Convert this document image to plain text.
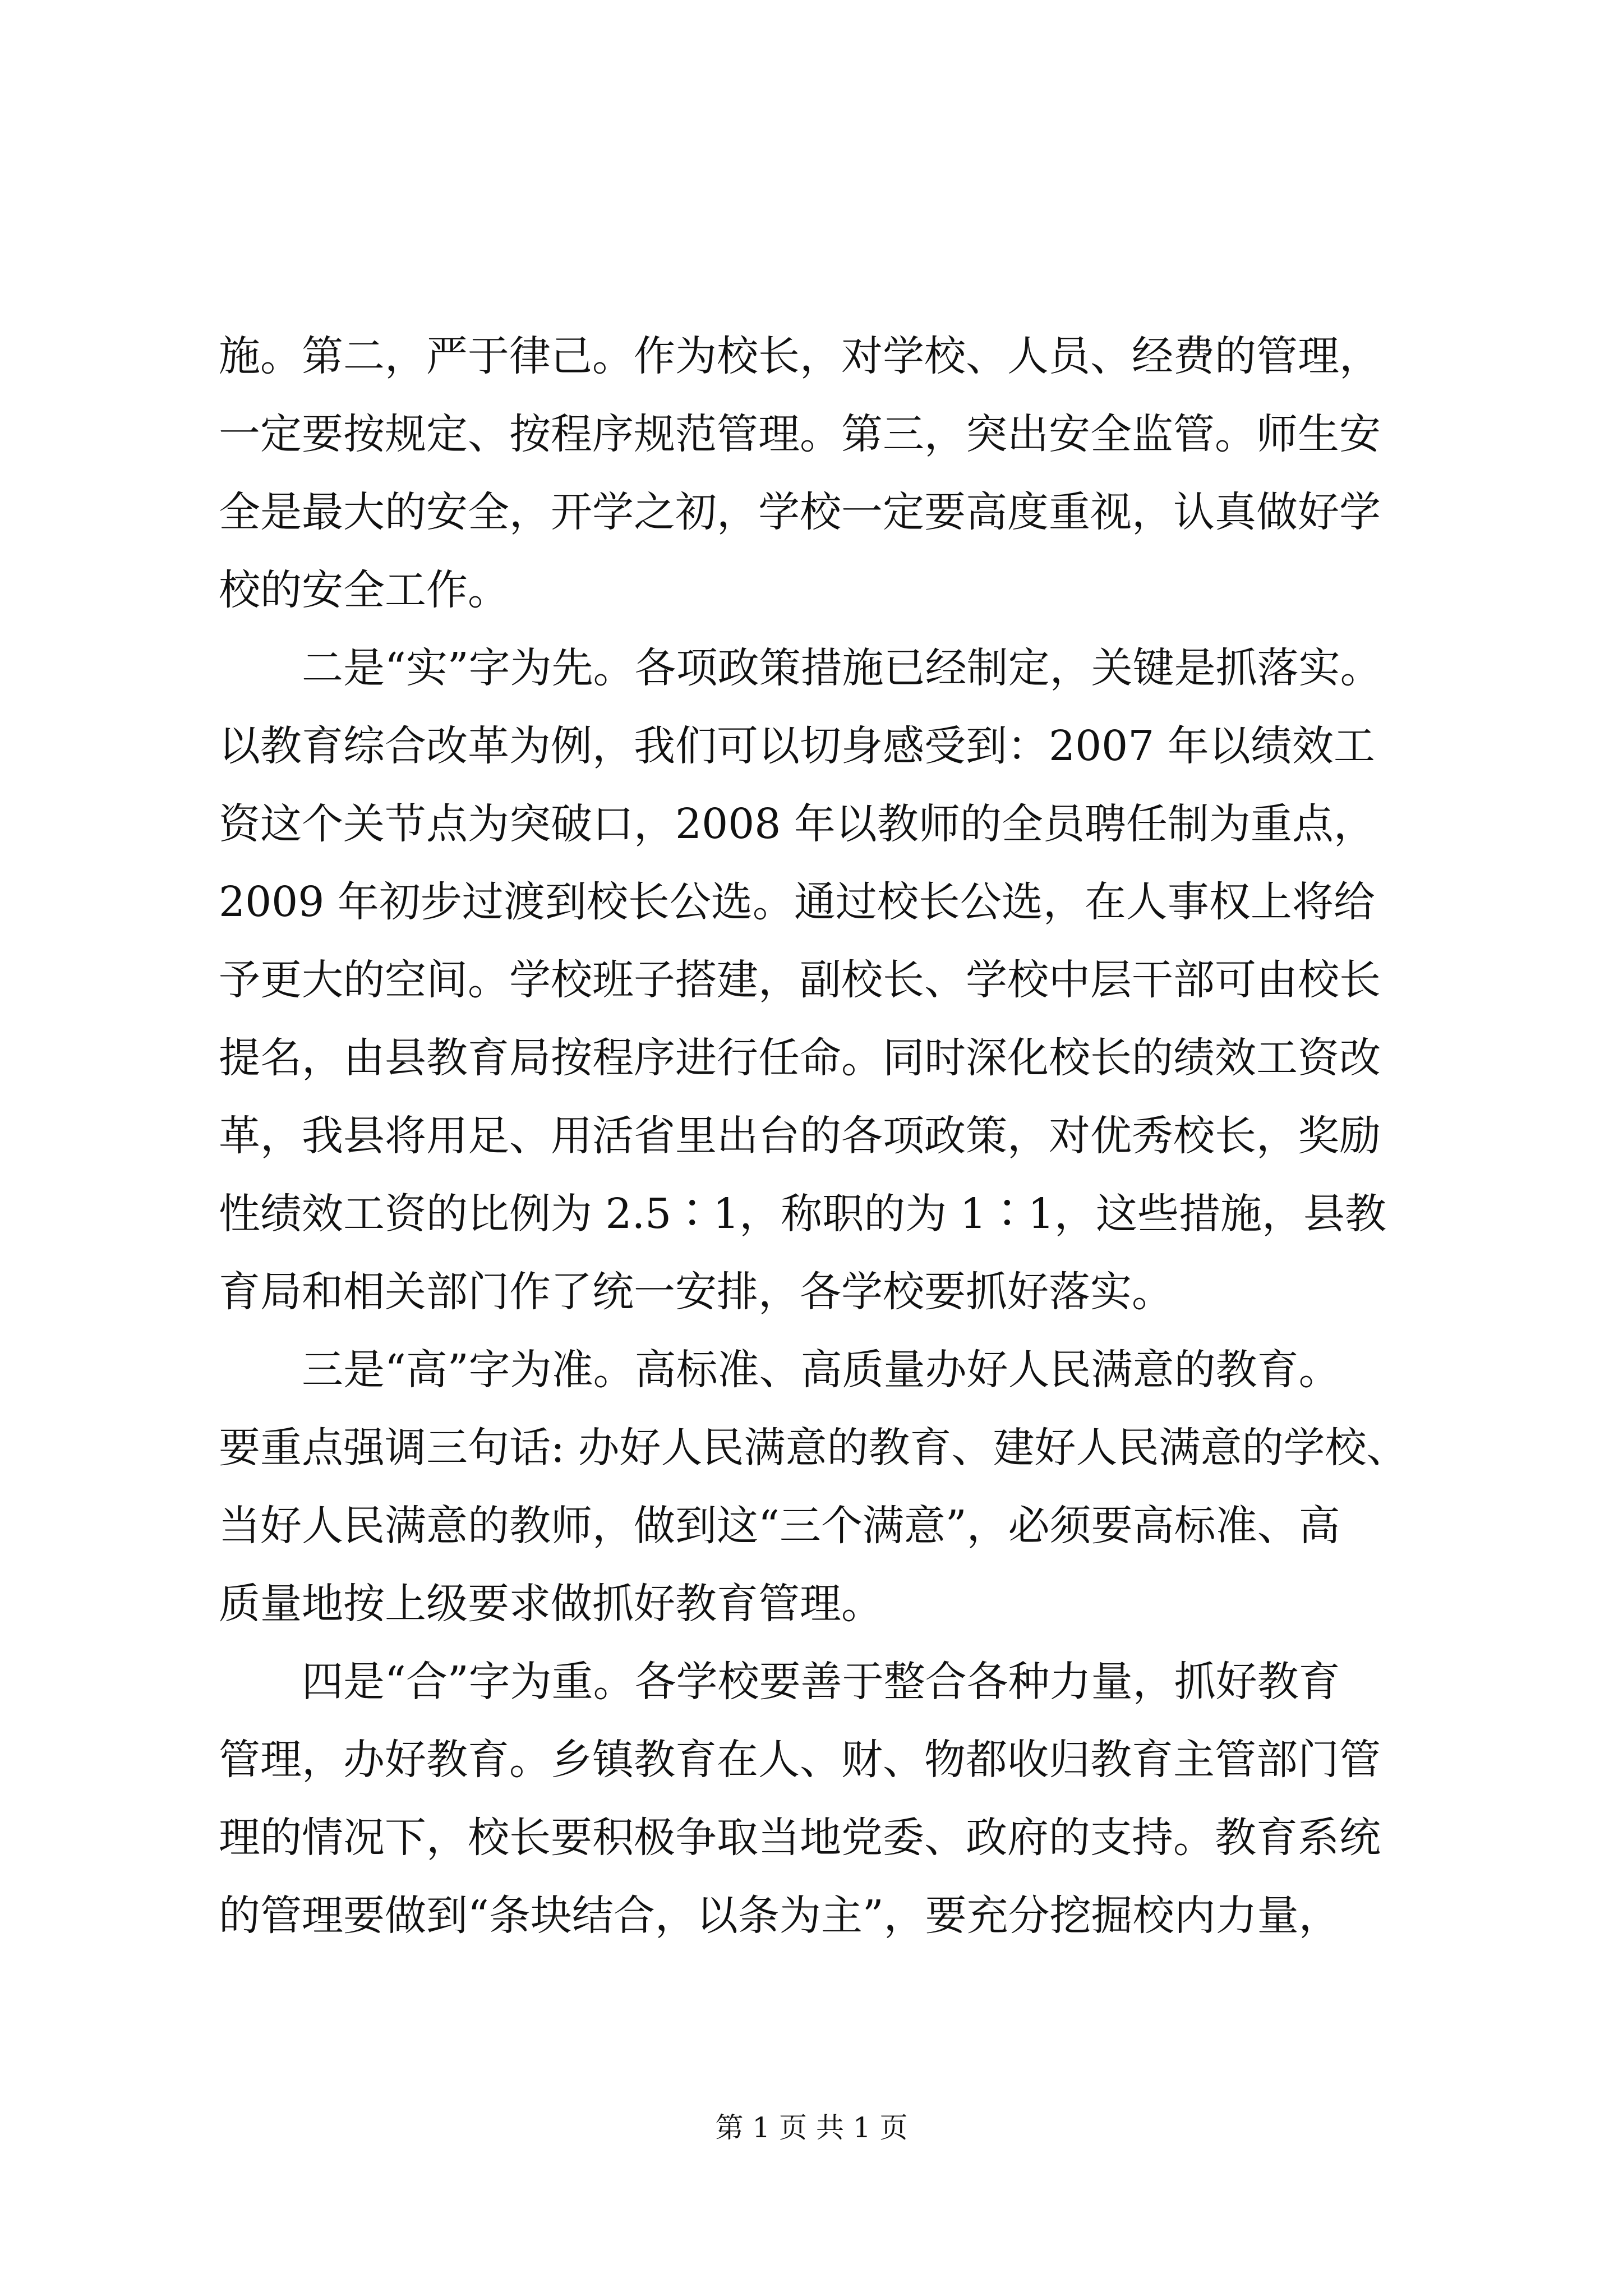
施。第二，严于律己。作为校长，对学校、人员、经费的管理，
一定要按规定、按程序规范管理。第三，突出安全监管。师生安
全是最大的安全，开学之初，学校一定要高度重视，认真做好学
校的安全工作。
　　二是“实”字为先。各项政策措施已经制定，关键是抓落实。
以教育综合改革为例，我们可以切身感受到：2007 年以绩效工
资这个关节点为突破口，2008 年以教师的全员聘任制为重点，
2009 年初步过渡到校长公选。通过校长公选，在人事权上将给
予更大的空间。学校班子搭建，副校长、学校中层干部可由校长
提名，由县教育局按程序进行任命。同时深化校长的绩效工资改
革，我县将用足、用活省里出台的各项政策，对优秀校长，奖励
性绩效工资的比例为 2.5∶1，称职的为 1∶1，这些措施，县教
育局和相关部门作了统一安排，各学校要抓好落实。
　　三是“高”字为准。高标准、高质量办好人民满意的教育。
要重点强调三句话: 办好人民满意的教育、建好人民满意的学校、
当好人民满意的教师，做到这“三个满意”，必须要高标准、高
质量地按上级要求做抓好教育管理。
　　四是“合”字为重。各学校要善于整合各种力量，抓好教育
管理，办好教育。乡镇教育在人、财、物都收归教育主管部门管
理的情况下，校长要积极争取当地党委、政府的支持。教育系统
的管理要做到“条块结合，以条为主”，要充分挖掘校内力量，
第 1 页 共 1 页
